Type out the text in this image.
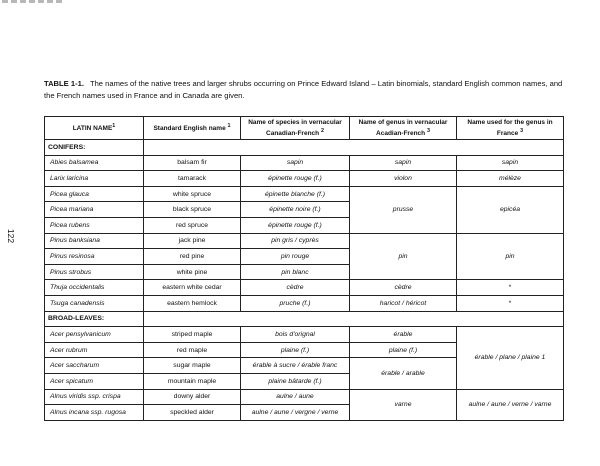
122
TABLE 1-1. The names of the native trees and larger shrubs occurring on Prince Edward Island – Latin binomials, standard English common names, and the French names used in France and in Canada are given.
LATIN NAME$^1$	Standard English name $^1$	Name of species in vernacular Canadian-French $^2$	Name of genus in vernacular Acadian-French $^3$	Name used for the genus in France $^3$
CONIFERS:				
Abies balsamea	balsam fir	sapin	sapin	sapin
Larix laricina	tamarack	épinette rouge (f.)	violon	mélèze
Picea glauca	white spruce	épinette blanche (f.)	prusse	epicéa
Picea mariana	black spruce	épinette noire (f.)		
Picea rubens	red spruce	épinette rouge (f.)		
Pinus banksiana	jack pine	pin gris / cyprès	pin	pin
Pinus resinosa	red pine	pin rouge		
Pinus strobus	white pine	pin blanc		
Thuja occidentalis	eastern white cedar	cèdre	cèdre	*
Tsuga canadensis	eastern hemlock	pruche (f.)	haricot / héricot	*
BROAD-LEAVES:				
Acer pensylvanicum	striped maple	bois d'orignal	érable	érable / plane / plaine 1
Acer rubrum	red maple	plaine (f.)	plaine (f.)	
Acer saccharum	sugar maple	érable à sucre / érable franc	érable / arable	
Acer spicatum	mountain maple	plaine bâtarde (f.)		
Alnus viridis ssp. crispa	downy alder	aulne / aune	varne	aulne / aune / verne / varne
Alnus incana ssp. rugosa	speckled alder	aulne / aune / vergne / verne		
